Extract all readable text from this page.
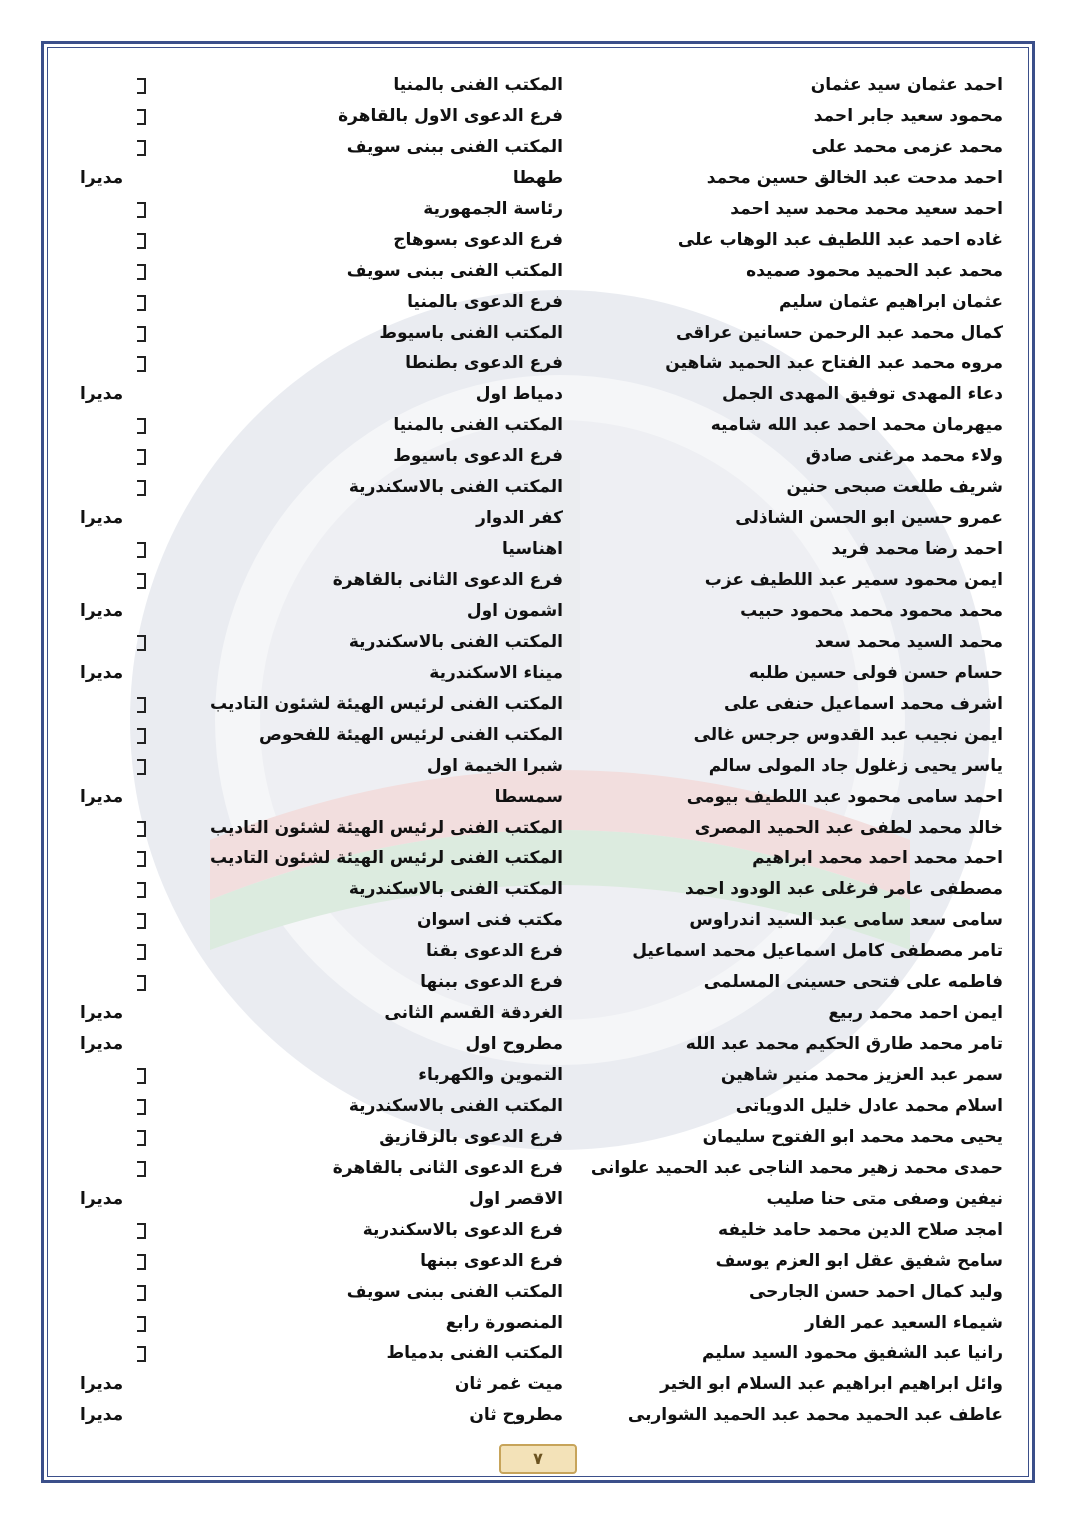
احمد عثمان سيد عثمان
المكتب الفنى بالمنيا
محمود سعيد جابر احمد
فرع الدعوى الاول بالقاهرة
محمد عزمى محمد على
المكتب الفنى ببنى سويف
احمد مدحت عبد الخالق حسين محمد
طهطا
مديرا
احمد سعيد محمد محمد سيد احمد
رئاسة الجمهورية
غاده احمد عبد اللطيف عبد الوهاب على
فرع الدعوى بسوهاج
محمد عبد الحميد محمود صميده
المكتب الفنى ببنى سويف
عثمان ابراهيم عثمان سليم
فرع الدعوى بالمنيا
كمال محمد عبد الرحمن حسانين عراقى
المكتب الفنى باسيوط
مروه محمد عبد الفتاح عبد الحميد شاهين
فرع الدعوى بطنطا
دعاء المهدى توفيق المهدى الجمل
دمياط اول
مديرا
ميهرمان محمد احمد عبد الله شاميه
المكتب الفنى بالمنيا
ولاء محمد مرغنى صادق
فرع الدعوى باسيوط
شريف طلعت صبحى حنين
المكتب الفنى بالاسكندرية
عمرو حسين ابو الحسن الشاذلى
كفر الدوار
مديرا
احمد رضا محمد فريد
اهناسيا
ايمن محمود سمير عبد اللطيف عزب
فرع الدعوى الثانى بالقاهرة
محمد محمود محمد محمود حبيب
اشمون اول
مديرا
محمد السيد محمد سعد
المكتب الفنى بالاسكندرية
حسام حسن فولى حسين طلبه
ميناء الاسكندرية
مديرا
اشرف محمد اسماعيل حنفى على
المكتب الفنى لرئيس الهيئة لشئون التاديب
ايمن نجيب عبد القدوس جرجس غالى
المكتب الفنى لرئيس الهيئة للفحوص
ياسر يحيى زغلول جاد المولى سالم
شبرا الخيمة اول
احمد سامى محمود عبد اللطيف بيومى
سمسطا
مديرا
خالد محمد لطفى عبد الحميد المصرى
المكتب الفنى لرئيس الهيئة لشئون التاديب
احمد محمد احمد محمد ابراهيم
المكتب الفنى لرئيس الهيئة لشئون التاديب
مصطفى عامر فرغلى عبد الودود احمد
المكتب الفنى بالاسكندرية
سامى سعد سامى عبد السيد اندراوس
مكتب فنى اسوان
تامر مصطفى كامل اسماعيل محمد اسماعيل
فرع الدعوى بقنا
فاطمه على فتحى حسينى المسلمى
فرع الدعوى ببنها
ايمن احمد محمد ربيع
الغردقة القسم الثانى
مديرا
تامر محمد طارق الحكيم محمد عبد الله
مطروح اول
مديرا
سمر عبد العزيز محمد منير شاهين
التموين والكهرباء
اسلام محمد عادل خليل الدوياتى
المكتب الفنى بالاسكندرية
يحيى محمد محمد ابو الفتوح سليمان
فرع الدعوى بالزقازيق
حمدى محمد زهير محمد الناجى عبد الحميد علوانى
فرع الدعوى الثانى بالقاهرة
نيفين وصفى متى حنا صليب
الاقصر اول
مديرا
امجد صلاح الدين محمد حامد خليفه
فرع الدعوى بالاسكندرية
سامح شفيق عقل ابو العزم يوسف
فرع الدعوى ببنها
وليد كمال احمد حسن الجارحى
المكتب الفنى ببنى سويف
شيماء السعيد عمر الفار
المنصورة رابع
رانيا عبد الشفيق محمود السيد سليم
المكتب الفنى بدمياط
وائل ابراهيم ابراهيم عبد السلام ابو الخير
ميت غمر ثان
مديرا
عاطف عبد الحميد محمد عبد الحميد الشواربى
مطروح ثان
مديرا
٧
